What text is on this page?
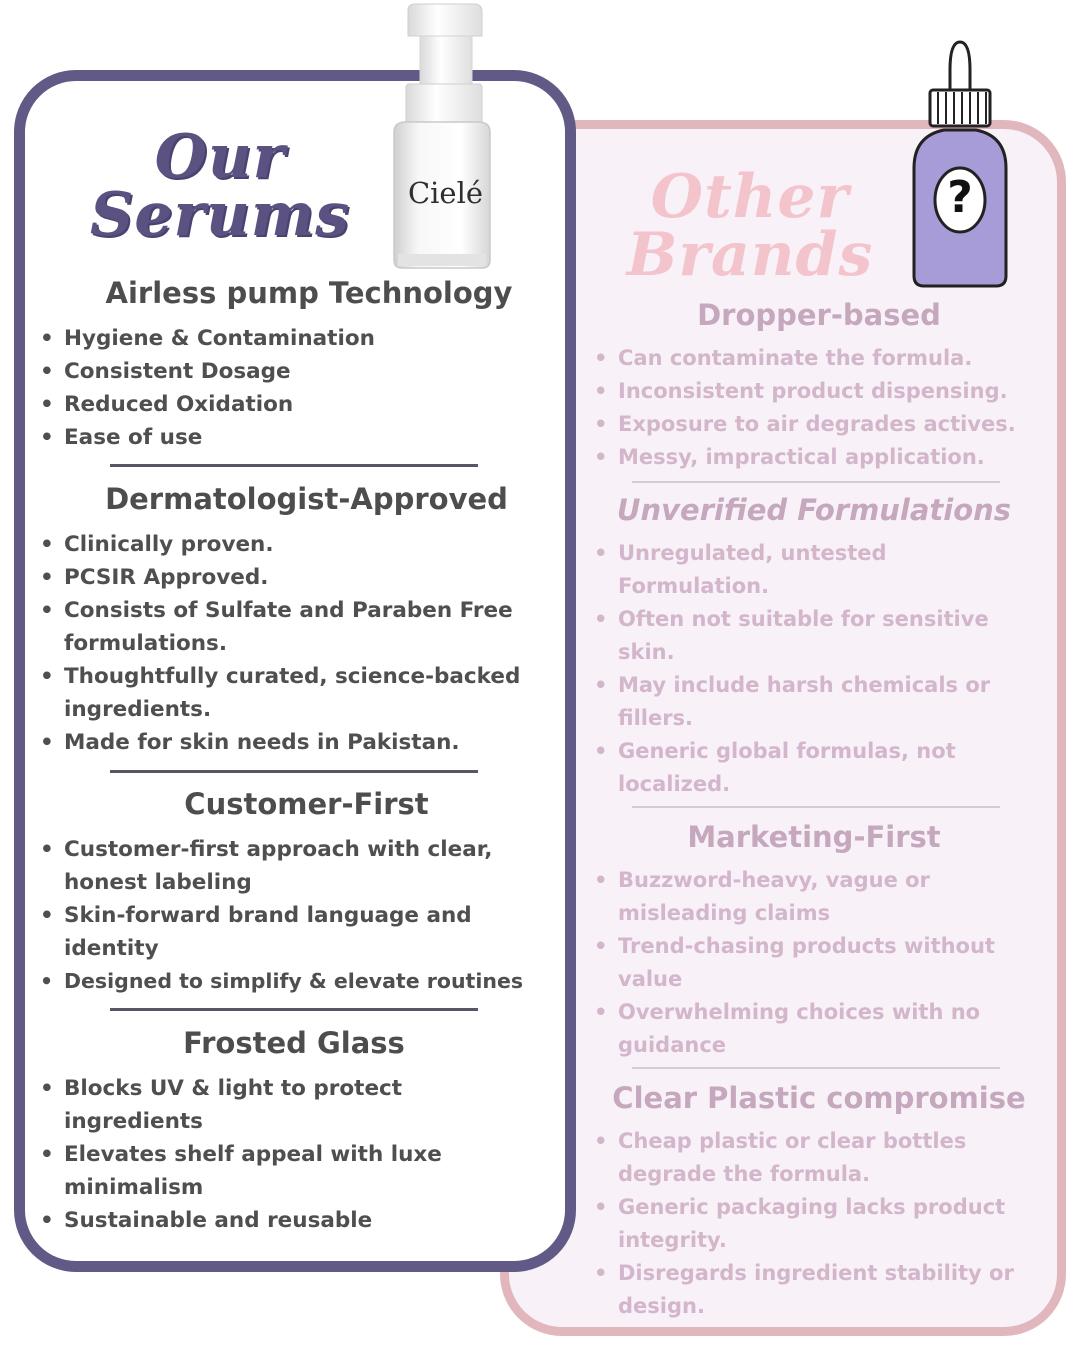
Our
Serums	Other
Brands
Cielé	?
Airless pump Technology
• Hygiene & Contamination
• Consistent Dosage
• Reduced Oxidation
• Ease of use
Dermatologist-Approved
• Clinically proven.
• PCSIR Approved.
• Consists of Sulfate and Paraben Free formulations.
• Thoughtfully curated, science-backed ingredients.
• Made for skin needs in Pakistan.
Customer-First
• Customer-first approach with clear, honest labeling
• Skin-forward brand language and identity
• Designed to simplify & elevate routines
Frosted Glass
• Blocks UV & light to protect ingredients
• Elevates shelf appeal with luxe minimalism
• Sustainable and reusable
Dropper-based
• Can contaminate the formula.
• Inconsistent product dispensing.
• Exposure to air degrades actives.
• Messy, impractical application.
Unverified Formulations
• Unregulated, untested Formulation.
• Often not suitable for sensitive skin.
• May include harsh chemicals or fillers.
• Generic global formulas, not localized.
Marketing-First
• Buzzword-heavy, vague or misleading claims
• Trend-chasing products without value
• Overwhelming choices with no guidance
Clear Plastic compromise
• Cheap plastic or clear bottles degrade the formula.
• Generic packaging lacks product integrity.
• Disregards ingredient stability or design.
